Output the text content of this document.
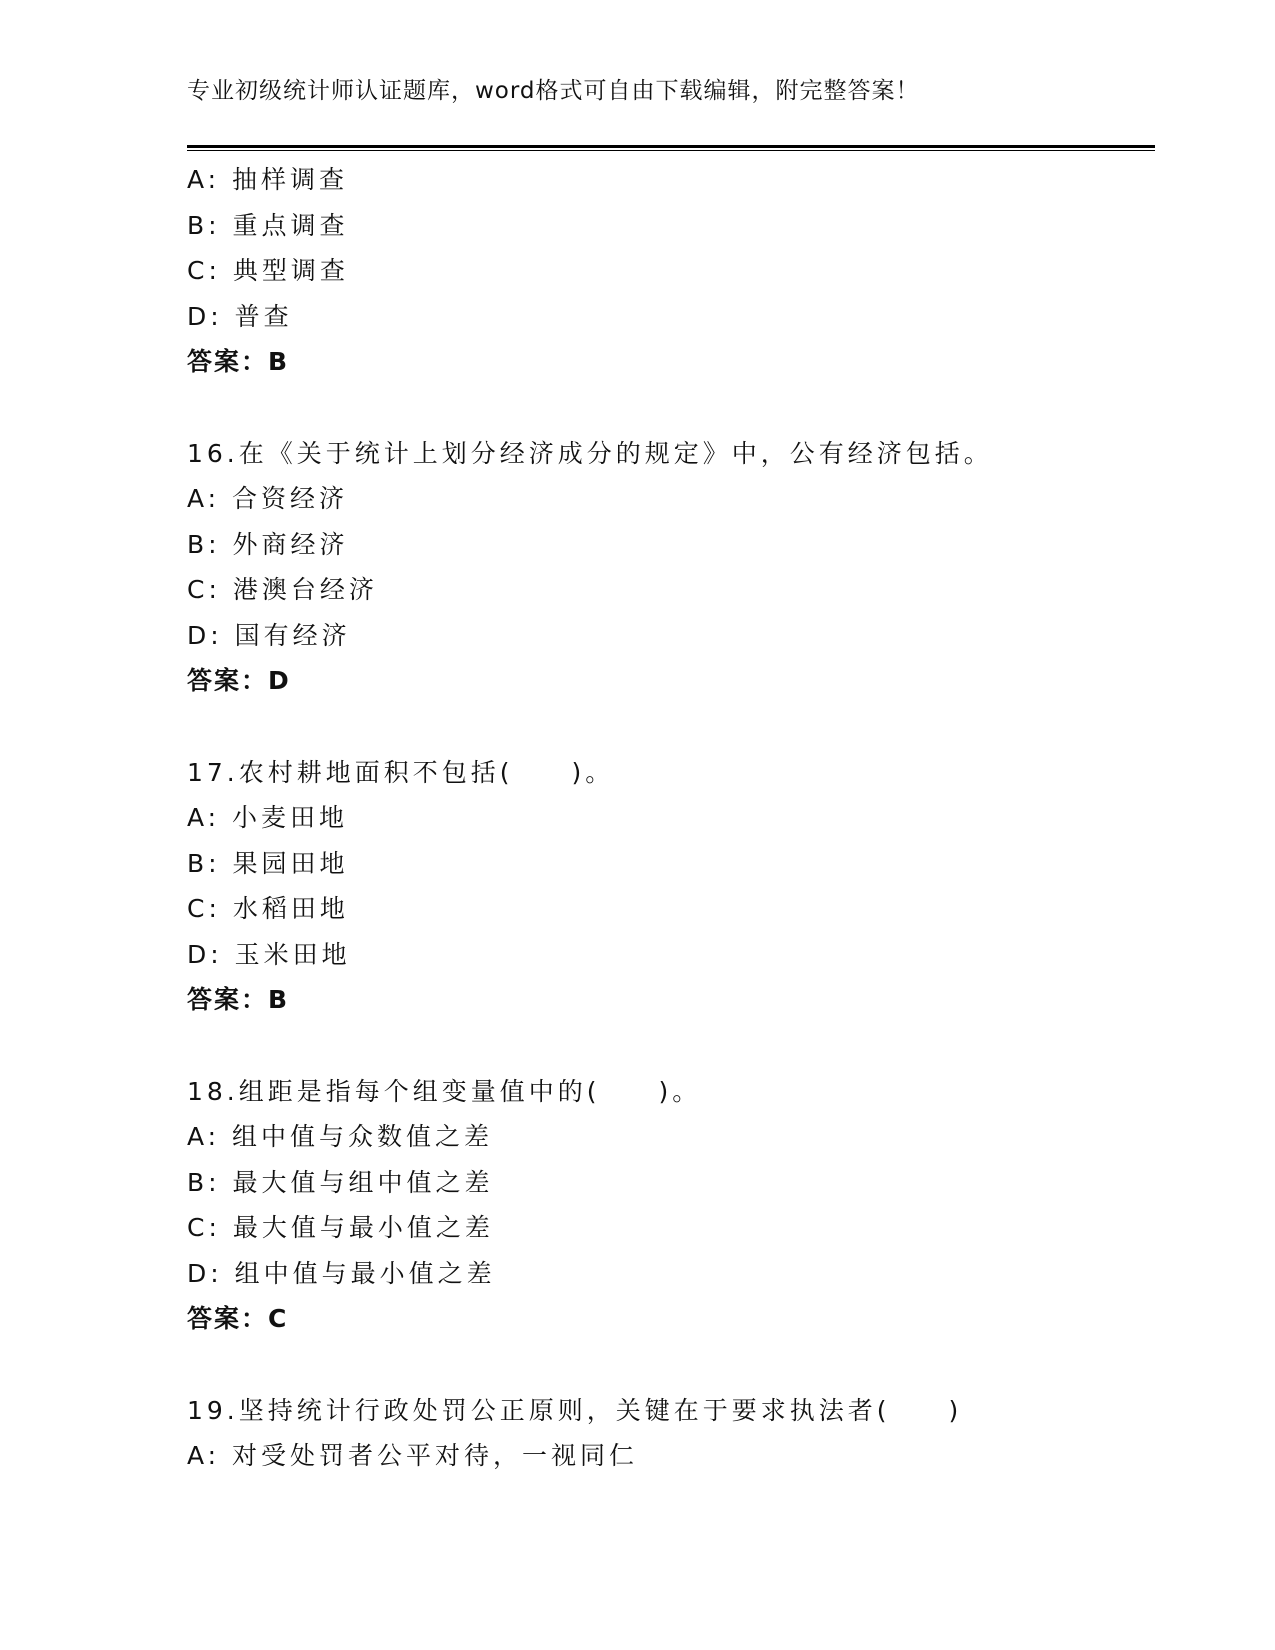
专业初级统计师认证题库，word格式可自由下载编辑，附完整答案！
A: 抽样调查
B: 重点调查
C: 典型调查
D: 普查
答案：B
16.在《关于统计上划分经济成分的规定》中，公有经济包括。
A: 合资经济
B: 外商经济
C: 港澳台经济
D: 国有经济
答案：D
17.农村耕地面积不包括(　　)。
A: 小麦田地
B: 果园田地
C: 水稻田地
D: 玉米田地
答案：B
18.组距是指每个组变量值中的(　　)。
A: 组中值与众数值之差
B: 最大值与组中值之差
C: 最大值与最小值之差
D: 组中值与最小值之差
答案：C
19.坚持统计行政处罚公正原则，关键在于要求执法者(　　)
A: 对受处罚者公平对待，一视同仁
